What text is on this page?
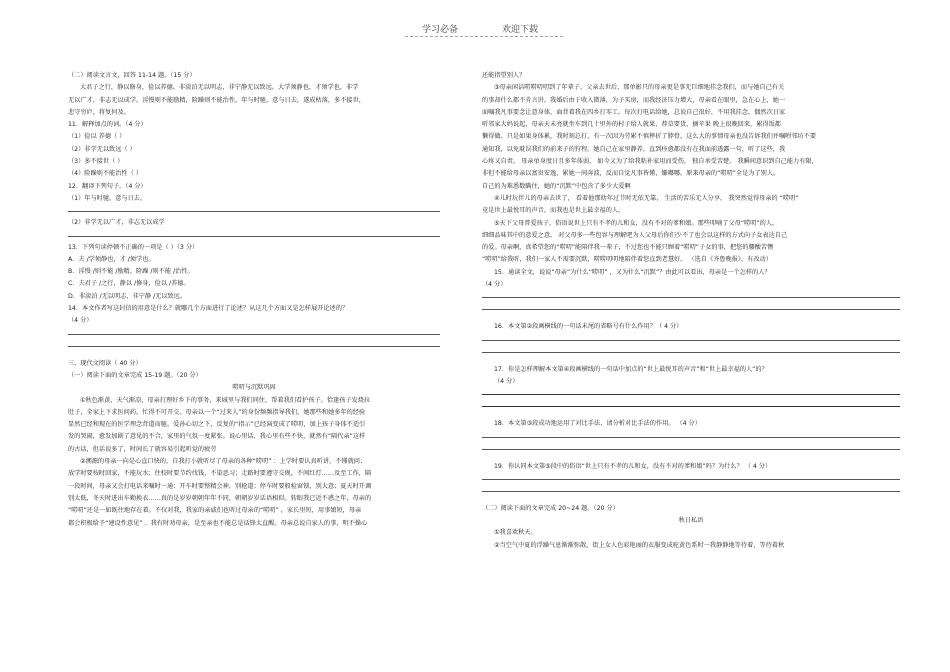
学习必备	欢迎下载
（二）阅读文言文，回答 11-14 题。（15 分）
大君子之行，静以修身，俭以养德。非淡泊无以明志，非宁静无以致远。大学须静也，才须学也，非学
无以广才，非志无以成学。淫慢则不能励精，险躁则不能治性。年与时驰，意与日去，遂成枯落，多不接世，
悲守穷庐，将复何及。
11．解释加点的词。（4 分）
（1）俭以 养德（ ）
（2）非学无以致远（ ）
（3）多不接世（ ）
（4）险躁则不能治性（ ）
12．翻译下列句子。（4 分）
（1）年与时驰，意与日去。
（2）非学无以广才，非志无以成学
13．下列句读停顿不正确的一项是（ ）（3 分）
A．夫 /学须静也，才 /须学也。
B．淫慢 /则不能 /励精，险躁 /则不能 /治性。
C．夫君子 /之行，静以 /修身，俭以 /养德。
D．非淡泊 /无以明志，非宁静 /无以致远。
14．本文作者写这封信的用意是什么？就哪几个方面进行了论述？从这几个方面又是怎样展开论述的？
（4 分）
三、现代文阅读（ 40 分）
（一）阅读下面的文章完成 15-19 题。（20 分）
唠叨与沉默巩固
①秋色渐黄，天气渐凉，母亲打理好乡下的事务，来城里与我们同住，帮着我们看护孩子。恰逢孩子发烧拉
肚子，全家上下求医问药，忙得不可开交。母亲以一个“过来人”的身份频频指导我们，她那些和她多年的经验
显然已经和现在的医学理念背道而驰。爱孙心切之下，反复的“指示”已经演变成了唠叨，加上孩子身体不适引
发的哭闹，愈发加剧了意见的不合，家里的气氛一度紧张。说心里话，我心里有些不快，就然有“隔代亲”这样
的古话，但话说多了，时间长了就容易引起听觉的疲劳
②溯源的母亲一向是心直口快的，自我打小就听尽了母亲的各种“唠叨” ：上学时要认真听讲，不懂就问；
放学时要按时回家，不能玩水；住校时要节约伐钱，不染恶习；走路时要遵守交规，不闯红灯……及至工作，隔
一段时间，母亲又会打电话来嘱时一通：开车时要整精会神，别抢道；停车时要般检窗锁，别大意；夏天时开调
别太低，冬天时进出车勤换衣……真的是岁岁朝朝年年不同，朝朝岁岁话语相似。转眼我已近不惑之年，母亲的
“唠叨”还是一如既往地存在着。不仅对我，我家的亲戚们也听过母亲的“唠叨” ，家长里短，用事娘短，母亲
都会积极给予“建设性意见” 。我有时劝母亲，是至亲也不能总是话锋太直醒。母亲总说自家人的事，明不操心
还能指望别人？
③母亲闲话唠唠叨叨到了年辈子，父亲去世后，那单影只的母亲更是事无巨细地挂念我们，而与她自己有关
的事却什么都不肯言讲。我婚后由于收入微薄，为子买房，而我经济压力增大，母亲看在眼里，急在心上，她一
面嘱我凡事要念让意身体，面背着我在四乡打零工。每次打电话给她，总说自己很好，不用我挂念，偶然次日家
听邻家大妈说起，母亲天未亮就坐车到几十里外的村子给人就果，荐草要货，摘苹果 晚上很晚回来，累得饭都
懒得做。只是如果身体累，我时刻总打，有一次因为劳累不慎摔折了脖骨，这么大的事情母亲也没告诉我们并嘱咐邻坊不要
通知我，以免耽误我们的前来子的狩程。她自己在家里静养，直到痊愈都没有在我面前透露一句，听了这些，我
心疼又自责。 母亲单身度日且多年体弱， 如今又为了给我粘补家用而受伤， 独自承受苦楚。 我瞬间意识到自己能力有限，
非但不能给母亲以富贵安逸，累她一间奔波，反而自觉凡事皆懂，嫌嘟哪。原来母亲的“唠叨”全是为了别人，
自己的为难悉数瞒住，她的“沉默”中包含了多少大爱啊
④儿时玩伴儿的母亲去世了， 看着他那幼年过节时无依无靠， 生活的苦乐无人分享， 我突然觉得母亲的 “唠叨”
竟是世上最悦耳的声音，而我也是世上最幸福的人。
⑤天下父母普爱孩子，俗语说世上只有不孝的儿和女，没有不对的爹和娘。那些叩喃了父母“唠叨”的人，
细细品味其中的意爱之意， 对父母多一些包容与理解吧为人父母后你们少不了也会以这样的方式向子女表达自己
的爱。母亲啊，真希望您的“唠叨”能陪伴我一辈子，不过您也不能只顾着“唠叨”子女的事，把您的腰酸苦懊
“唠叨”给我听，我们一家人不需要沉默，唠唠叨叨地陪伴着您直到老慧好。 （选自《齐鲁晚报》，有改动）
15．通读全文，说说“母亲”为什么“唠叨” ，又为什么“沉默”？由此可以看出，母亲是一个怎样的人？
（4 分）
16．本文第②段画横线的一句话末尾的省略号有什么作用？（ 4 分）
17．你是怎样理解本文第④段画横线的一句话中加点的“世上最悦耳的声音”和“世上最幸福的人”的？
（4 分）
18．本文第③段成功地运用了对比手法，请分析对比手法的作用。 （4 分）
19．你认同本文第⑤段中的俗语“世上只有不孝的儿和女，没有不对的爹和娘”吗？为什么？ （ 4 分）
（二）阅读下面的文章完成 20~24 题。（20 分）
秋日私语
①我喜欢秋天。
②当空气中夏的浮躁气息渐渐弥散，街上女人色彩艳丽的衣服变成驼黄色系时一我静静地等待着，等待着秋
